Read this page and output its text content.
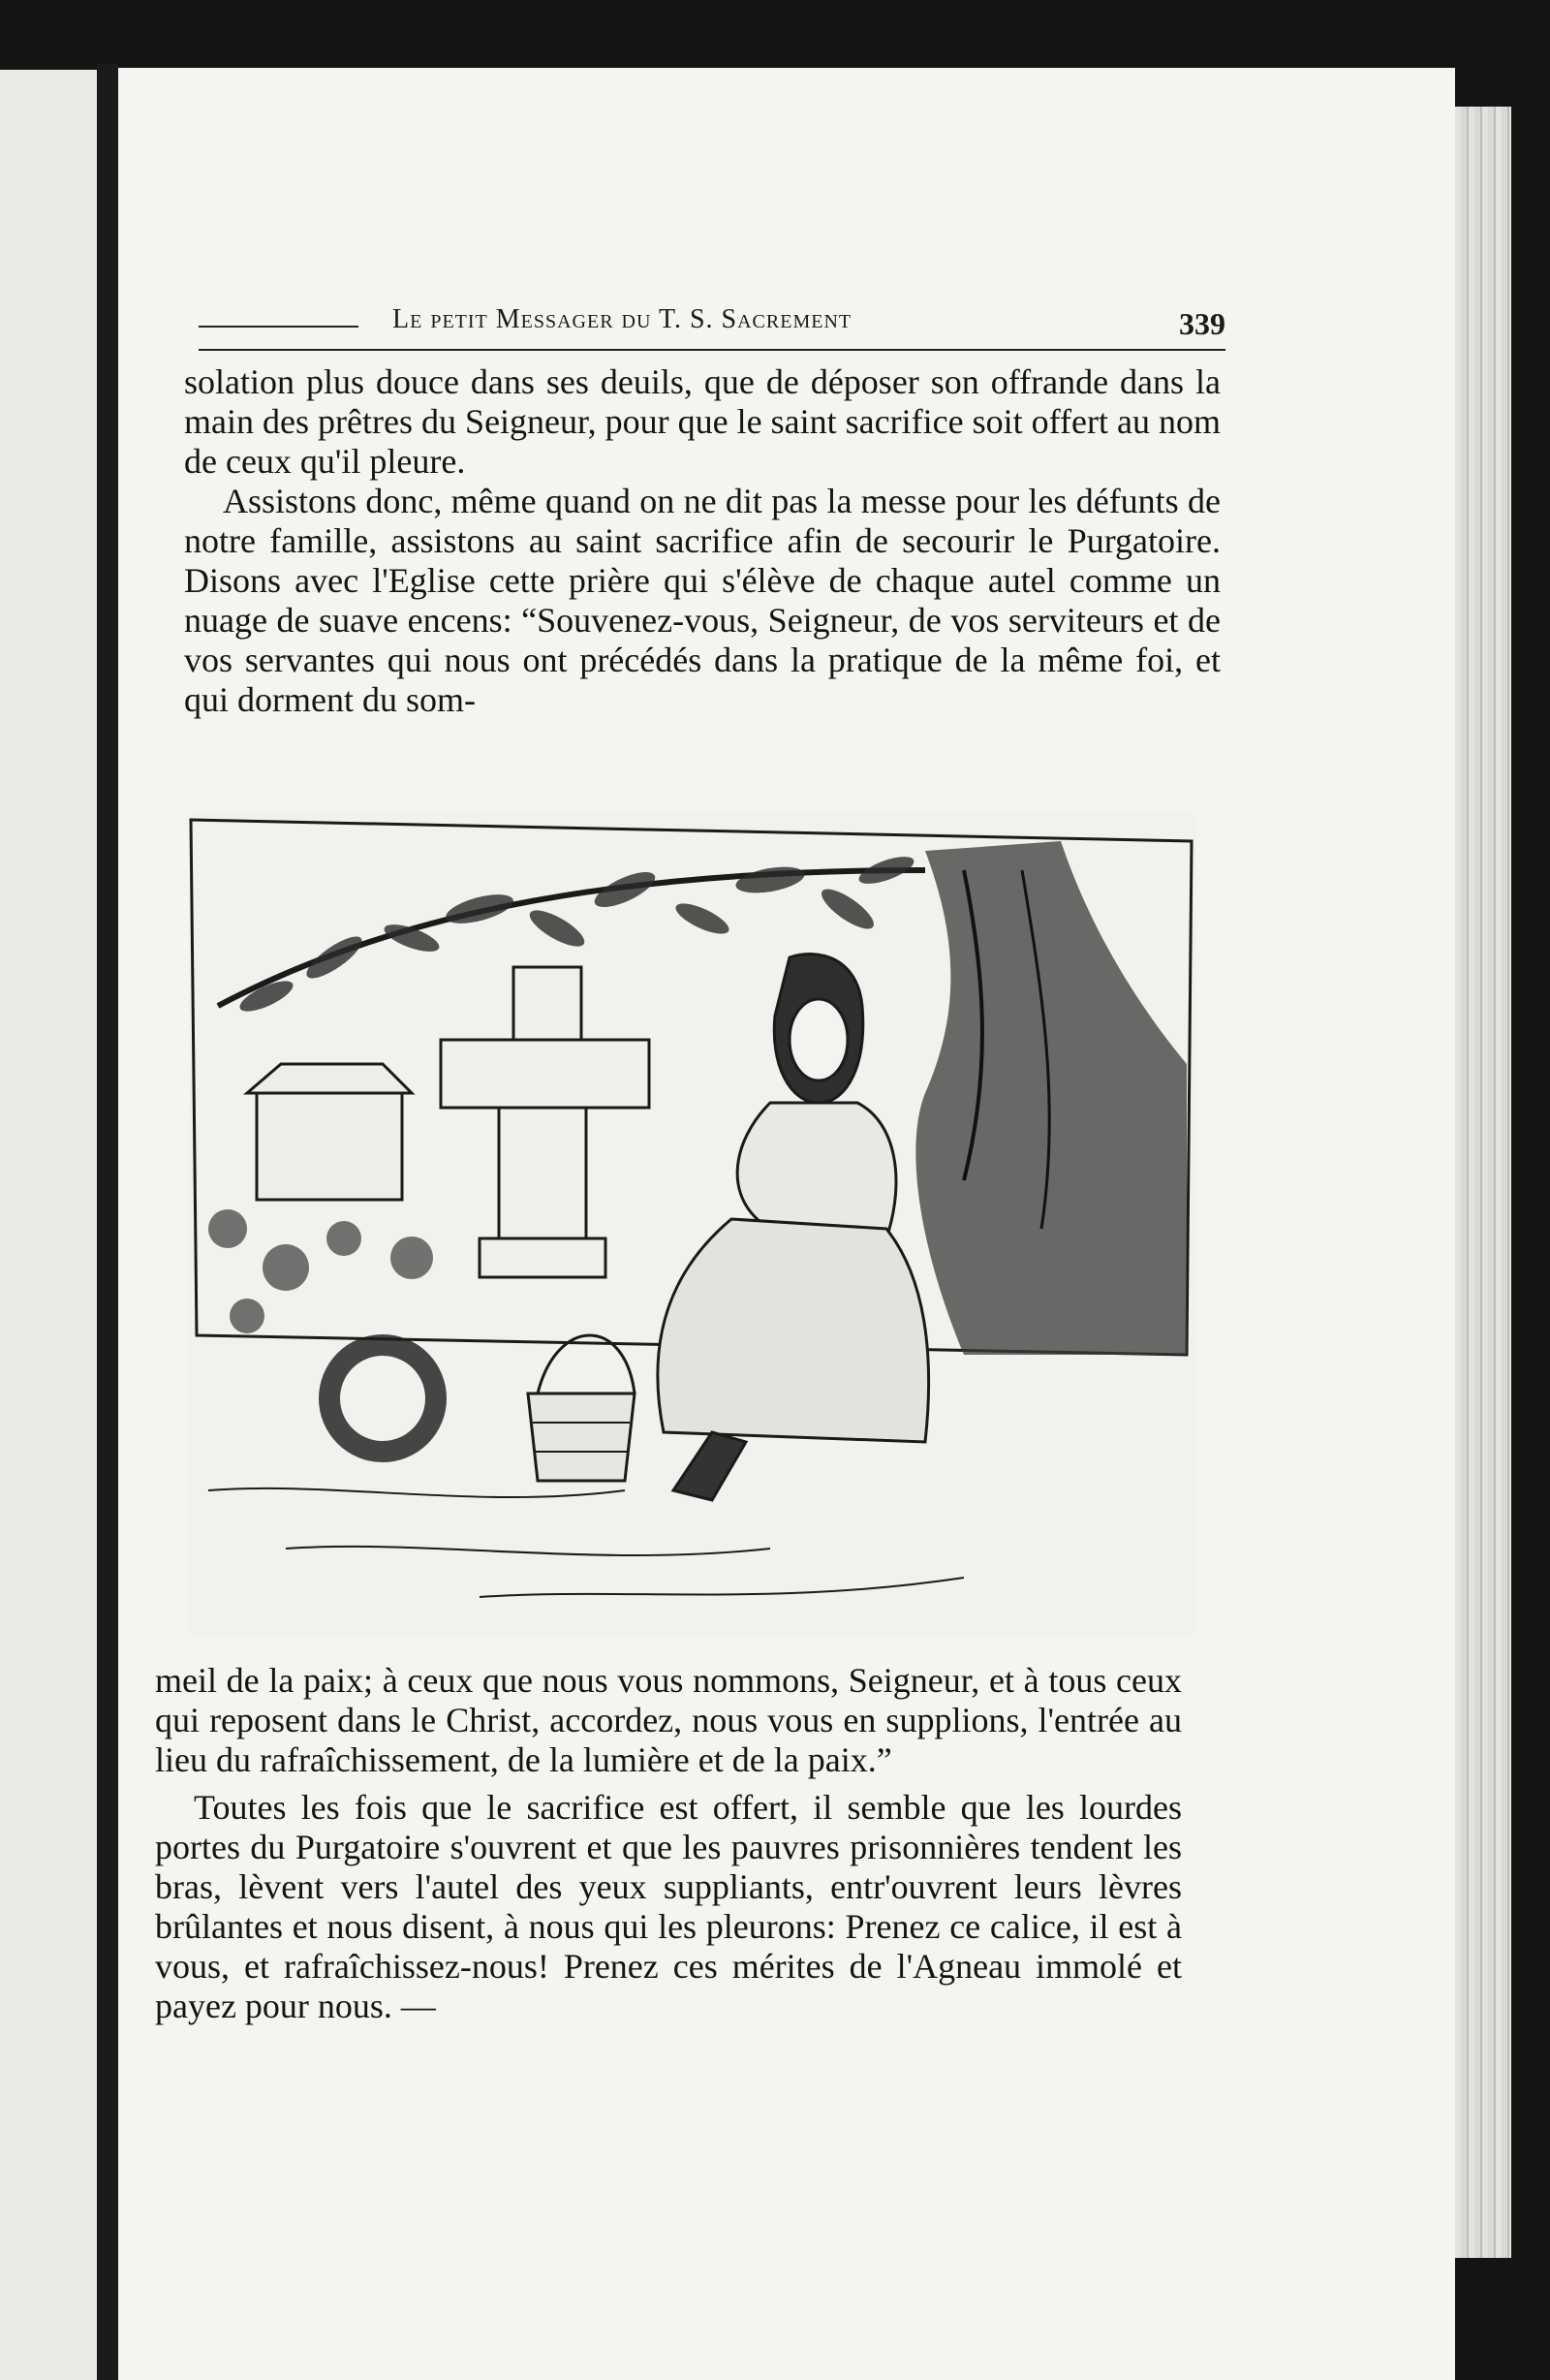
Le petit Messager du T. S. Sacrement	339

solation plus douce dans ses deuils, que de déposer son offrande dans la main des prêtres du Seigneur, pour que le saint sacrifice soit offert au nom de ceux qu'il pleure.

Assistons donc, même quand on ne dit pas la messe pour les défunts de notre famille, assistons au saint sacrifice afin de secourir le Purgatoire. Disons avec l'Eglise cette prière qui s'élève de chaque autel comme un nuage de suave encens: “Souvenez-vous, Seigneur, de vos serviteurs et de vos servantes qui nous ont précédés dans la pratique de la même foi, et qui dorment du som-

meil de la paix; à ceux que nous vous nommons, Seigneur, et à tous ceux qui reposent dans le Christ, accordez, nous vous en supplions, l'entrée au lieu du rafraîchissement, de la lumière et de la paix.”

Toutes les fois que le sacrifice est offert, il semble que les lourdes portes du Purgatoire s'ouvrent et que les pauvres prisonnières tendent les bras, lèvent vers l'autel des yeux suppliants, entr'ouvrent leurs lèvres brûlantes et nous disent, à nous qui les pleurons: Prenez ce calice, il est à vous, et rafraîchissez-nous! Prenez ces mérites de l'Agneau immolé et payez pour nous. —
